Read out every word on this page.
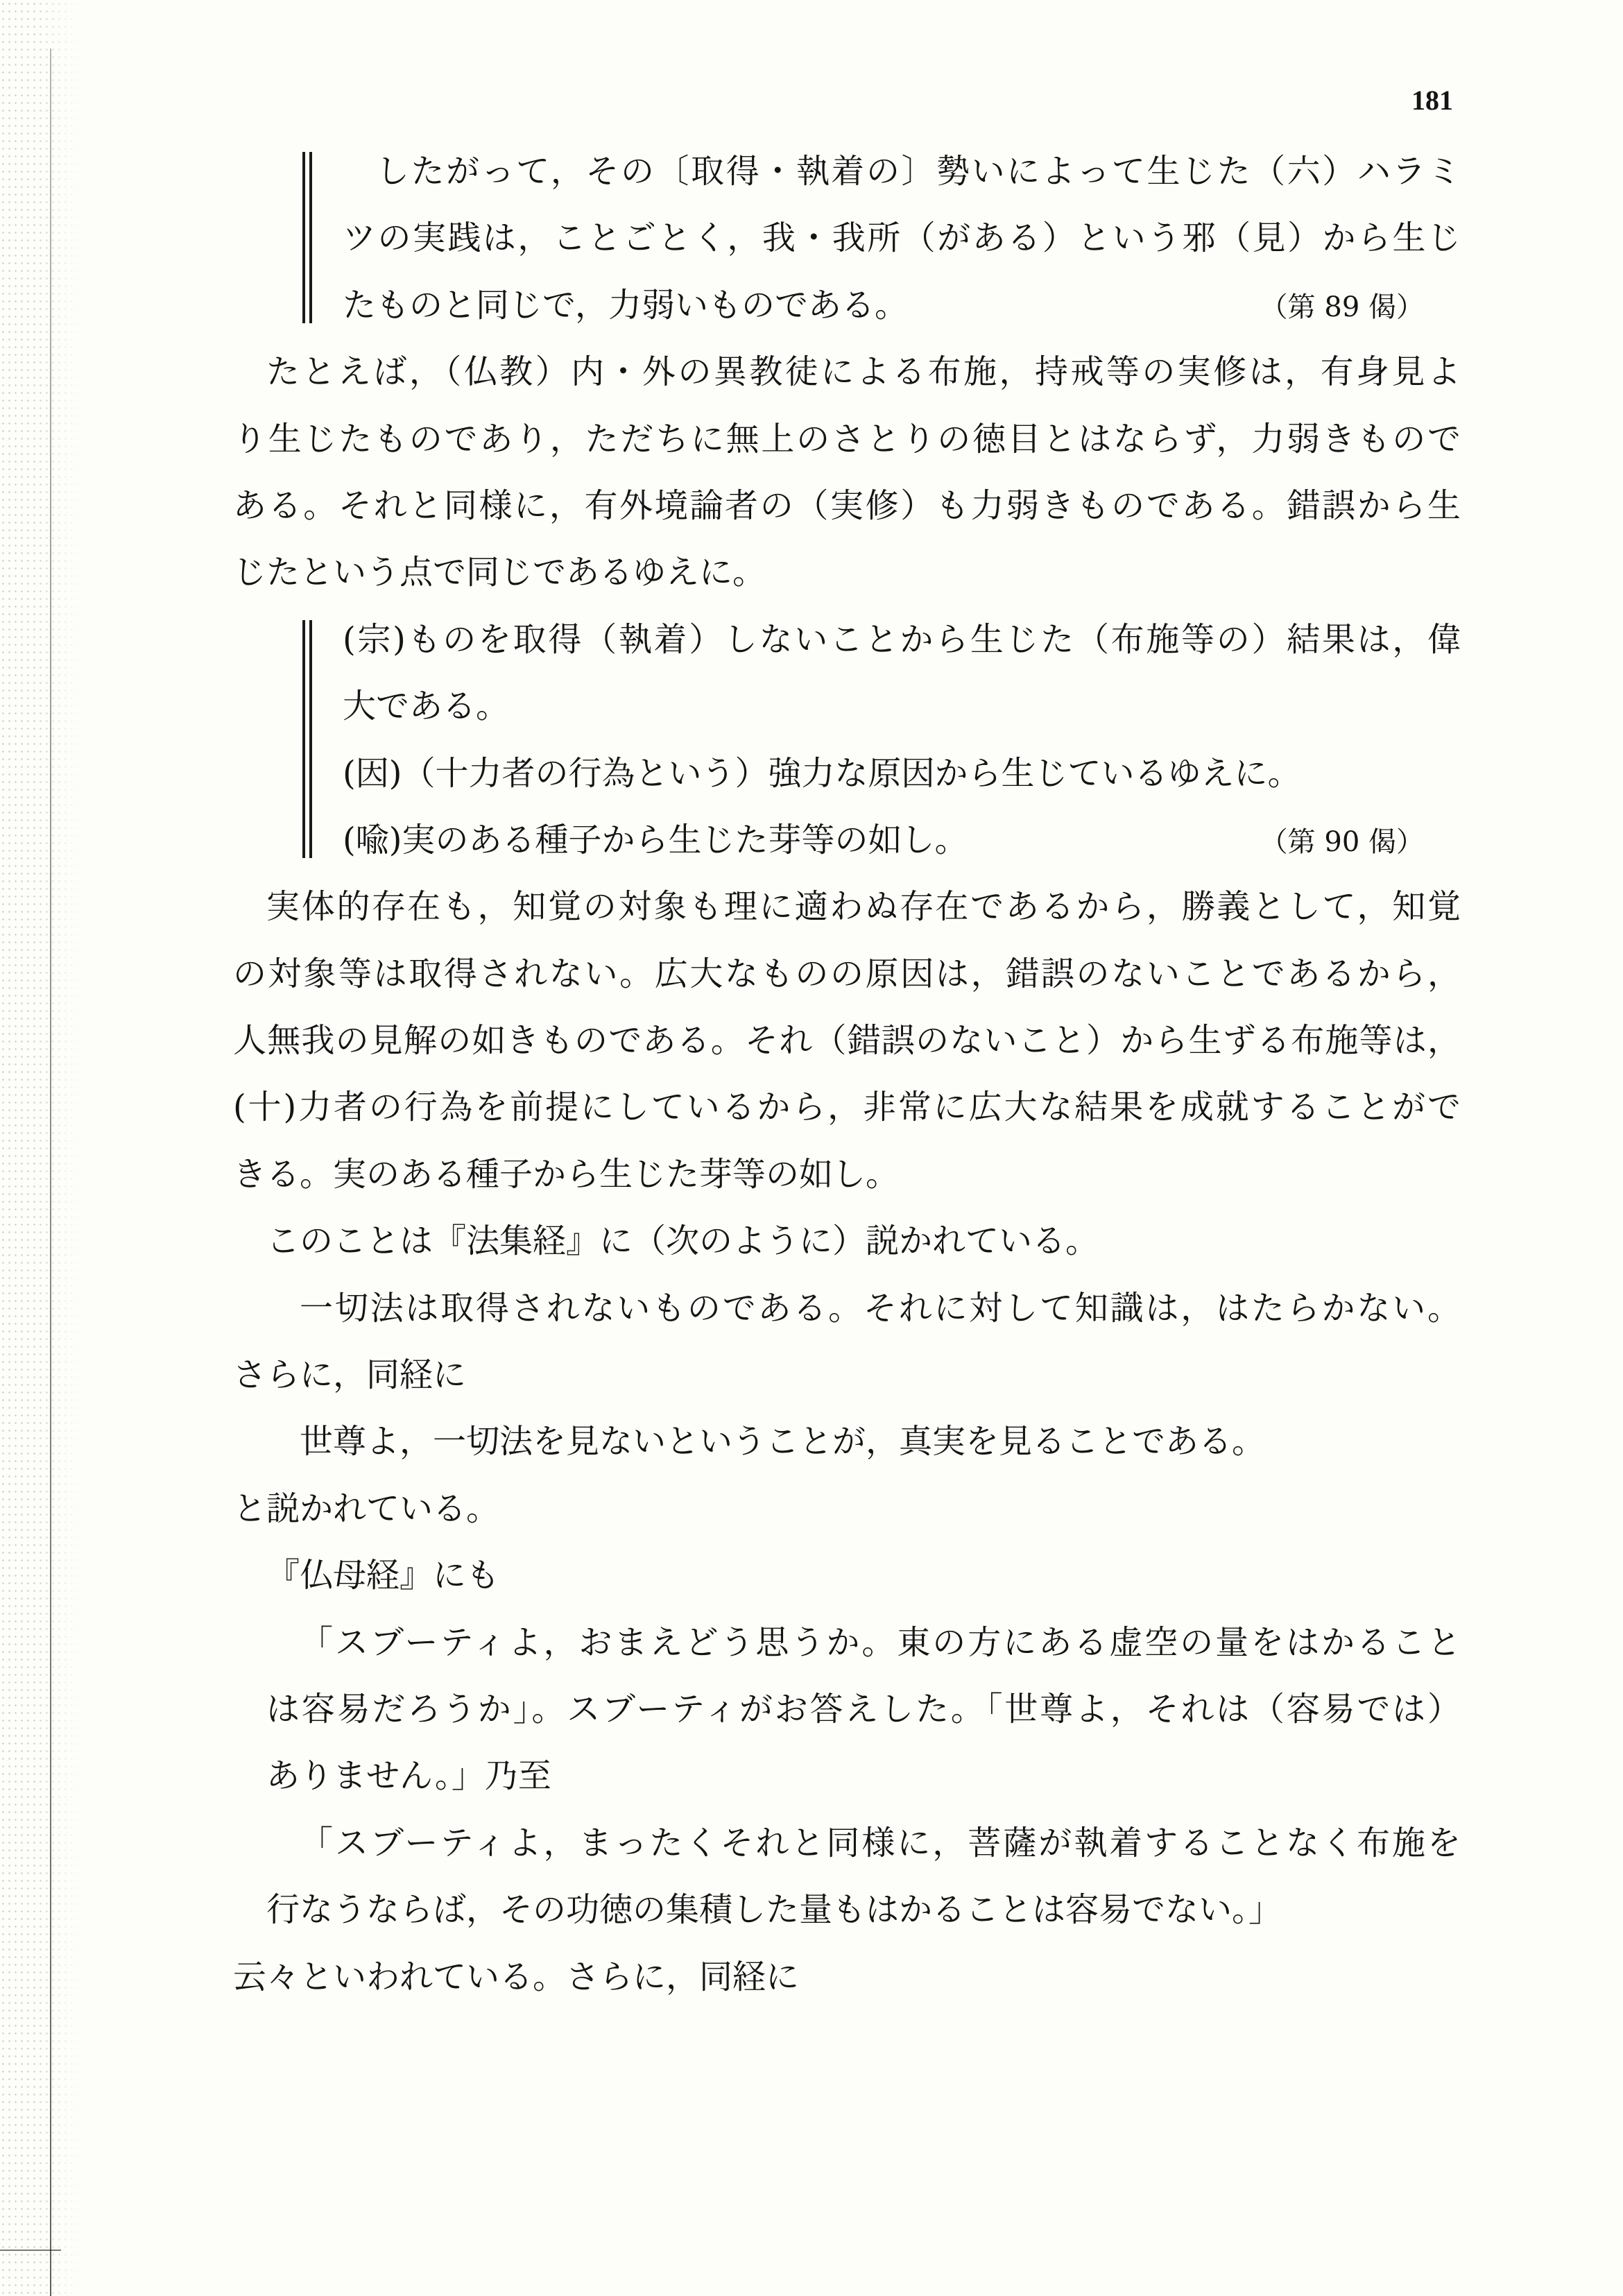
181
したがって，その〔取得・執着の〕勢いによって生じた（六）ハラミ
ツの実践は，ことごとく，我・我所（がある）という邪（見）から生じ
たものと同じで，力弱いものである。	（第 89 偈）
たとえば，（仏教）内・外の異教徒による布施，持戒等の実修は，有身見よ
り生じたものであり，ただちに無上のさとりの徳目とはならず，力弱きもので
ある。それと同様に，有外境論者の（実修）も力弱きものである。錯誤から生
じたという点で同じであるゆえに。
(宗)ものを取得（執着）しないことから生じた（布施等の）結果は，偉
大である。
(因)（十力者の行為という）強力な原因から生じているゆえに。
(喩)実のある種子から生じた芽等の如し。	（第 90 偈）
実体的存在も，知覚の対象も理に適わぬ存在であるから，勝義として，知覚
の対象等は取得されない。広大なものの原因は，錯誤のないことであるから，
人無我の見解の如きものである。それ（錯誤のないこと）から生ずる布施等は，
(十)力者の行為を前提にしているから，非常に広大な結果を成就することがで
きる。実のある種子から生じた芽等の如し。
このことは『法集経』に（次のように）説かれている。
一切法は取得されないものである。それに対して知識は，はたらかない。
さらに，同経に
世尊よ，一切法を見ないということが，真実を見ることである。
と説かれている。
『仏母経』にも
「スブーティよ，おまえどう思うか。東の方にある虚空の量をはかること
は容易だろうか」。スブーティがお答えした。「世尊よ，それは（容易では）
ありません。」乃至
「スブーティよ，まったくそれと同様に，菩薩が執着することなく布施を
行なうならば，その功徳の集積した量もはかることは容易でない。」
云々といわれている。さらに，同経に
